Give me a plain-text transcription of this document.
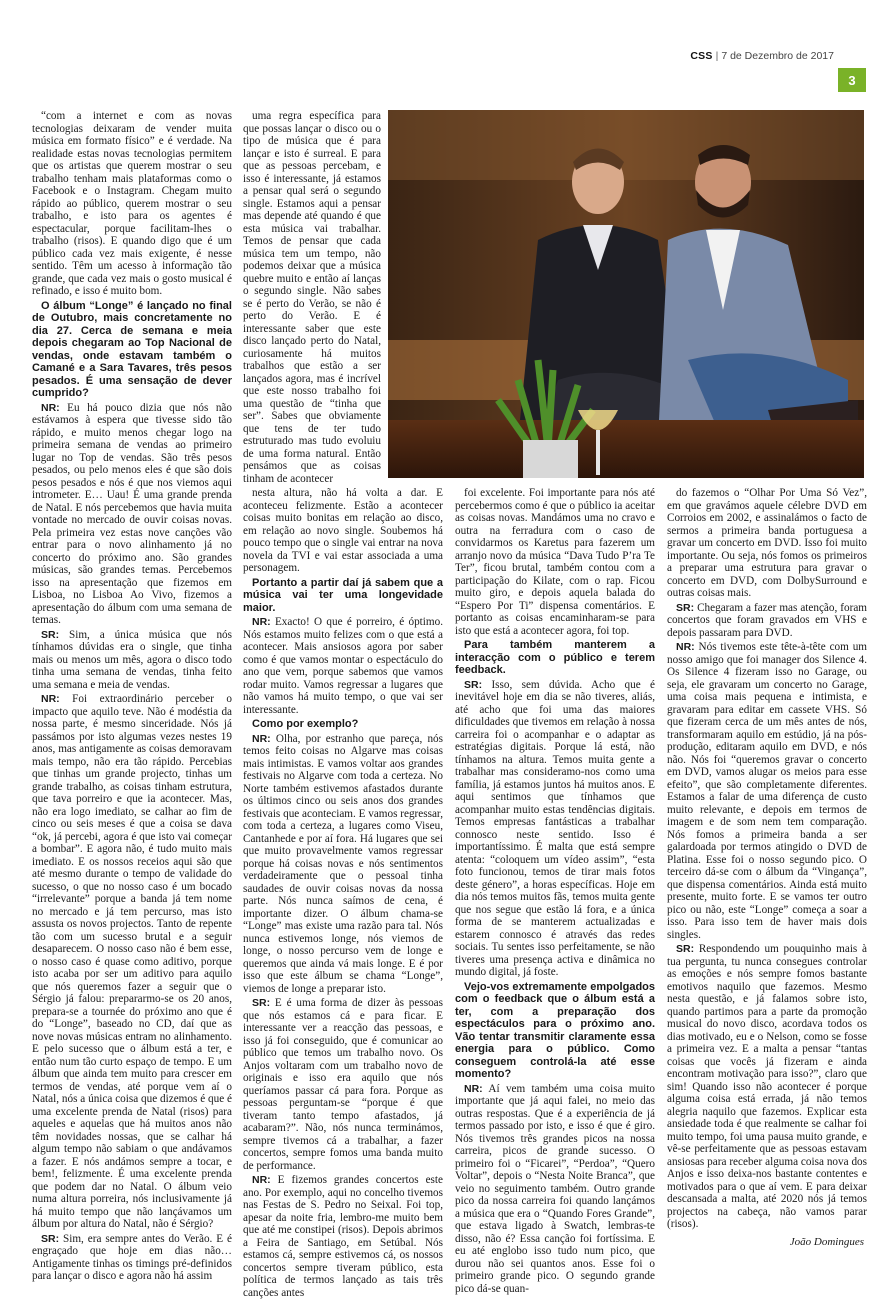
CSS | 7 de Dezembro de 2017
3

“com a internet e com as novas tecnologias deixaram de vender muita música em formato físico” e é verdade. Na realidade estas novas tecnologias permitem que os artistas que querem mostrar o seu trabalho tenham mais plataformas como o Facebook e o Instagram. Chegam muito rápido ao público, querem mostrar o seu trabalho, e isto para os agentes é espectacular, porque facilitam-lhes o trabalho (risos). E quando digo que é um público cada vez mais exigente, é nesse sentido. Têm um acesso à informação tão grande, que cada vez mais o gosto musical é refinado, e isso é muito bom.

O álbum “Longe” é lançado no final de Outubro, mais concretamente no dia 27. Cerca de semana e meia depois chegaram ao Top Nacional de vendas, onde estavam também o Camané e a Sara Tavares, três pesos pesados. É uma sensação de dever cumprido?

NR: Eu há pouco dizia que nós não estávamos à espera que tivesse sido tão rápido, e muito menos chegar logo na primeira semana de vendas ao primeiro lugar no Top de vendas. São três pesos pesados, ou pelo menos eles é que são dois pesos pesados e nós é que nos viemos aqui intrometer. E… Uau! É uma grande prenda de Natal. E nós percebemos que havia muita vontade no mercado de ouvir coisas novas. Pela primeira vez estas nove canções vão entrar para o novo alinhamento já no concerto do próximo ano. São grandes músicas, são grandes temas. Percebemos isso na apresentação que fizemos em Lisboa, no Lisboa Ao Vivo, fizemos a apresentação do álbum com uma semana de temas.

SR: Sim, a única música que nós tínhamos dúvidas era o single, que tinha mais ou menos um mês, agora o disco todo tinha uma semana de vendas, tinha feito uma semana e meia de vendas.

NR: Foi extraordinário perceber o impacto que aquilo teve. Não é modéstia da nossa parte, é mesmo sinceridade. Nós já passámos por isto algumas vezes nestes 19 anos, mas antigamente as coisas demoravam mais tempo, não era tão rápido. Percebias que tinhas um grande projecto, tinhas um grande trabalho, as coisas tinham estrutura, que tava porreiro e que ia acontecer. Mas, não era logo imediato, se calhar ao fim de cinco ou seis meses é que a coisa se dava “ok, já percebi, agora é que isto vai começar a bombar”. E agora não, é tudo muito mais imediato. E os nossos receios aqui são que até mesmo durante o tempo de validade do sucesso, o que no nosso caso é um bocado “irrelevante” porque a banda já tem nome no mercado e já tem percurso, mas isto assusta os novos projectos. Tanto de repente tão com um sucesso brutal e a seguir desaparecem. O nosso caso não é bem esse, o nosso caso é quase como aditivo, porque isto acaba por ser um aditivo para aquilo que nós queremos fazer a seguir que o Sérgio já falou: prepararmo-se os 20 anos, prepara-se a tournée do próximo ano que é do “Longe”, baseado no CD, daí que as nove novas músicas entram no alinhamento. E pelo sucesso que o álbum está a ter, e então num tão curto espaço de tempo. E um álbum que ainda tem muito para crescer em termos de vendas, até porque vem aí o Natal, nós a única coisa que dizemos é que é uma excelente prenda de Natal (risos) para aqueles e aquelas que há muitos anos não têm novidades nossas, que se calhar há algum tempo não sabiam o que andávamos a fazer. E nós andámos sempre a tocar, e bem!, felizmente. É uma excelente prenda que podem dar no Natal. O álbum veio numa altura porreira, nós inclusivamente já há muito tempo que não lançávamos um álbum por altura do Natal, não é Sérgio?

SR: Sim, era sempre antes do Verão. E é engraçado que hoje em dias não… Antigamente tinhas os timings pré-definidos para lançar o disco e agora não há assim

uma regra específica para que possas lançar o disco ou o tipo de música que é para lançar e isto é surreal. E para que as pessoas percebam, e isso é interessante, já estamos a pensar qual será o segundo single. Estamos aqui a pensar mas depende até quando é que esta música vai trabalhar. Temos de pensar que cada música tem um tempo, não podemos deixar que a música quebre muito e então aí lanças o segundo single. Não sabes se é perto do Verão, se não é perto do Verão. E é interessante saber que este disco lançado perto do Natal, curiosamente há muitos trabalhos que estão a ser lançados agora, mas é incrível que este nosso trabalho foi uma questão de “tinha que ser”. Sabes que obviamente que tens de ter tudo estruturado mas tudo evoluiu de uma forma natural. Então pensámos que as coisas tinham de acontecer

nesta altura, não há volta a dar. E aconteceu felizmente. Estão a acontecer coisas muito bonitas em relação ao disco, em relação ao novo single. Soubemos há pouco tempo que o single vai entrar na nova novela da TVI e vai estar associada a uma personagem.

Portanto a partir daí já sabem que a música vai ter uma longevidade maior.

NR: Exacto! O que é porreiro, é óptimo. Nós estamos muito felizes com o que está a acontecer. Mais ansiosos agora por saber como é que vamos montar o espectáculo do ano que vem, porque sabemos que vamos rodar muito. Vamos regressar a lugares que não vamos há muito tempo, o que vai ser interessante.

Como por exemplo?

NR: Olha, por estranho que pareça, nós temos feito coisas no Algarve mas coisas mais intimistas. E vamos voltar aos grandes festivais no Algarve com toda a certeza. No Norte também estivemos afastados durante os últimos cinco ou seis anos dos grandes festivais que aconteciam. E vamos regressar, com toda a certeza, a lugares como Viseu, Cantanhede e por aí fora. Há lugares que sei que muito provavelmente vamos regressar porque há coisas novas e nós sentimentos verdadeiramente que o pessoal tinha saudades de ouvir coisas novas da nossa parte. Nós nunca saímos de cena, é importante dizer. O álbum chama-se “Longe” mas existe uma razão para tal. Nós nunca estivemos longe, nós viemos de longe, o nosso percurso vem de longe e queremos que ainda vá mais longe. E é por isso que este álbum se chama “Longe”, viemos de longe a preparar isto.

SR: E é uma forma de dizer às pessoas que nós estamos cá e para ficar. E interessante ver a reacção das pessoas, e isso já foi conseguido, que é comunicar ao público que temos um trabalho novo. Os Anjos voltaram com um trabalho novo de originais e isso era aquilo que nós queríamos passar cá para fora. Porque as pessoas perguntam-se “porque é que tiveram tanto tempo afastados, já acabaram?”. Não, nós nunca terminámos, sempre tivemos cá a trabalhar, a fazer concertos, sempre fomos uma banda muito de performance.

NR: E fizemos grandes concertos este ano. Por exemplo, aqui no concelho tivemos nas Festas de S. Pedro no Seixal. Foi top, apesar da noite fria, lembro-me muito bem que até me constipei (risos). Depois abrimos a Feira de Santiago, em Setúbal. Nós estamos cá, sempre estivemos cá, os nossos concertos sempre tiveram público, esta política de termos lançado as tais três canções antes

foi excelente. Foi importante para nós até percebermos como é que o público ia aceitar as coisas novas. Mandámos uma no cravo e outra na ferradura com o caso de convidarmos os Karetus para fazerem um arranjo novo da música “Dava Tudo P’ra Te Ter”, ficou brutal, também contou com a participação do Kilate, com o rap. Ficou muito giro, e depois aquela balada do “Espero Por Ti” dispensa comentários. E portanto as coisas encaminharam-se para isto que está a acontecer agora, foi top.

Para também manterem a interacção com o público e terem feedback.

SR: Isso, sem dúvida. Acho que é inevitável hoje em dia se não tiveres, aliás, até acho que foi uma das maiores dificuldades que tivemos em relação à nossa carreira foi o acompanhar e o adaptar as estratégias digitais. Porque lá está, não tínhamos na altura. Temos muita gente a trabalhar mas consideramo-nos como uma família, já estamos juntos há muitos anos. E aqui sentimos que tínhamos que acompanhar muito estas tendências digitais. Temos empresas fantásticas a trabalhar connosco neste sentido. Isso é importantíssimo. É malta que está sempre atenta: “coloquem um vídeo assim”, “esta foto funcionou, temos de tirar mais fotos deste género”, a horas específicas. Hoje em dia nós temos muitos fãs, temos muita gente que nos segue que estão lá fora, e a única forma de se manterem actualizadas e estarem connosco é através das redes sociais. Tu sentes isso perfeitamente, se não tiveres uma presença activa e dinâmica no mundo digital, já foste.

Vejo-vos extremamente empolgados com o feedback que o álbum está a ter, com a preparação dos espectáculos para o próximo ano. Vão tentar transmitir claramente essa energia para o público. Como conseguem controlá-la até esse momento?

NR: Aí vem também uma coisa muito importante que já aqui falei, no meio das outras respostas. Que é a experiência de já termos passado por isto, e isso é que é giro. Nós tivemos três grandes picos na nossa carreira, picos de grande sucesso. O primeiro foi o “Ficarei”, “Perdoa”, “Quero Voltar”, depois o “Nesta Noite Branca”, que veio no seguimento também. Outro grande pico da nossa carreira foi quando lançámos a música que era o “Quando Fores Grande”, que estava ligado à Swatch, lembras-te disso, não é? Essa canção foi fortíssima. E eu até englobo isso tudo num pico, que durou não sei quantos anos. Esse foi o primeiro grande pico. O segundo grande pico dá-se quan-

do fazemos o “Olhar Por Uma Só Vez”, em que gravámos aquele célebre DVD em Corroios em 2002, e assinalámos o facto de sermos a primeira banda portuguesa a gravar um concerto em DVD. Isso foi muito importante. Ou seja, nós fomos os primeiros a preparar uma estrutura para gravar o concerto em DVD, com DolbySurround e outras coisas mais.

SR: Chegaram a fazer mas atenção, foram concertos que foram gravados em VHS e depois passaram para DVD.

NR: Nós tivemos este tête-à-tête com um nosso amigo que foi manager dos Silence 4. Os Silence 4 fizeram isso no Garage, ou seja, ele gravaram um concerto no Garage, uma coisa mais pequena e intimista, e gravaram para editar em cassete VHS. Só que fizeram cerca de um mês antes de nós, transformaram aquilo em estúdio, já na pós-produção, editaram aquilo em DVD, e nós não. Nós foi “queremos gravar o concerto em DVD, vamos alugar os meios para esse efeito”, que são completamente diferentes. Estamos a falar de uma diferença de custo muito relevante, e depois em termos de imagem e de som nem tem comparação. Nós fomos a primeira banda a ser galardoada por termos atingido o DVD de Platina. Esse foi o nosso segundo pico. O terceiro dá-se com o álbum da “Vingança”, que dispensa comentários. Ainda está muito presente, muito forte. E se vamos ter outro pico ou não, este “Longe” começa a soar a isso. Para isso tem de haver mais dois singles.

SR: Respondendo um pouquinho mais à tua pergunta, tu nunca consegues controlar as emoções e nós sempre fomos bastante emotivos naquilo que fazemos. Mesmo nesta questão, e já falamos sobre isto, quando partimos para a parte da promoção musical do novo disco, acordava todos os dias motivado, eu e o Nelson, como se fosse a primeira vez. E a malta a pensar “tantas coisas que vocês já fizeram e ainda encontram motivação para isso?”, claro que sim! Quando isso não acontecer é porque alguma coisa está errada, já não temos alegria naquilo que fazemos. Explicar esta ansiedade toda é que realmente se calhar foi muito tempo, foi uma pausa muito grande, e vê-se perfeitamente que as pessoas estavam ansiosas para receber alguma coisa nova dos Anjos e isso deixa-nos bastante contentes e motivados para o que aí vem. E para deixar descansada a malta, até 2020 nós já temos projectos na cabeça, não vamos parar (risos).

João Domingues
